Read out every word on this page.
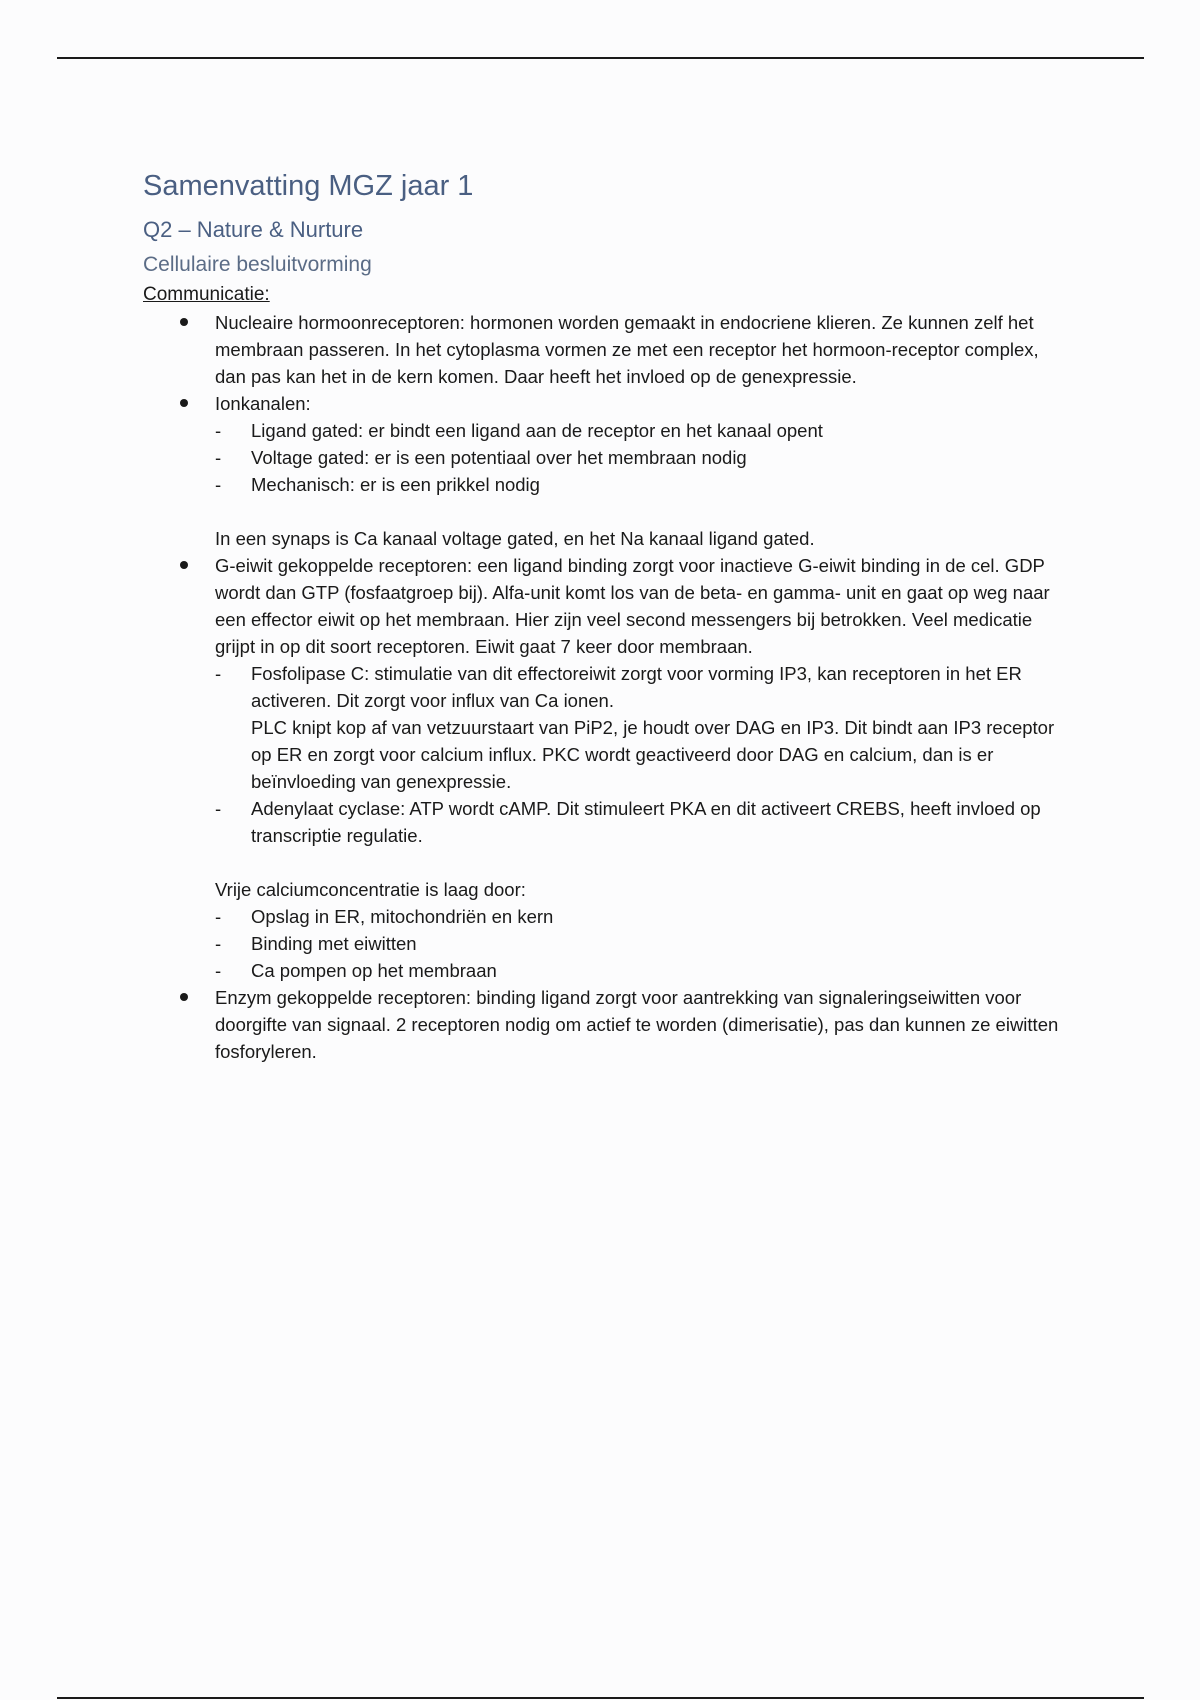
Samenvatting MGZ jaar 1
Q2 – Nature & Nurture
Cellulaire besluitvorming
Communicatie:

Nucleaire hormoonreceptoren: hormonen worden gemaakt in endocriene klieren. Ze kunnen zelf het membraan passeren. In het cytoplasma vormen ze met een receptor het hormoon-receptor complex, dan pas kan het in de kern komen. Daar heeft het invloed op de genexpressie.

Ionkanalen:

- Ligand gated: er bindt een ligand aan de receptor en het kanaal opent
- Voltage gated: er is een potentiaal over het membraan nodig
- Mechanisch: er is een prikkel nodig

In een synaps is Ca kanaal voltage gated, en het Na kanaal ligand gated.

G-eiwit gekoppelde receptoren: een ligand binding zorgt voor inactieve G-eiwit binding in de cel. GDP wordt dan GTP (fosfaatgroep bij). Alfa-unit komt los van de beta- en gamma- unit en gaat op weg naar een effector eiwit op het membraan. Hier zijn veel second messengers bij betrokken. Veel medicatie grijpt in op dit soort receptoren. Eiwit gaat 7 keer door membraan.

- Fosfolipase C: stimulatie van dit effectoreiwit zorgt voor vorming IP3, kan receptoren in het ER activeren. Dit zorgt voor influx van Ca ionen.

PLC knipt kop af van vetzuurstaart van PiP2, je houdt over DAG en IP3. Dit bindt aan IP3 receptor op ER en zorgt voor calcium influx. PKC wordt geactiveerd door DAG en calcium, dan is er beïnvloeding van genexpressie.

- Adenylaat cyclase: ATP wordt cAMP. Dit stimuleert PKA en dit activeert CREBS, heeft invloed op transcriptie regulatie.

Vrije calciumconcentratie is laag door:

- Opslag in ER, mitochondriën en kern
- Binding met eiwitten
- Ca pompen op het membraan

Enzym gekoppelde receptoren: binding ligand zorgt voor aantrekking van signaleringseiwitten voor doorgifte van signaal. 2 receptoren nodig om actief te worden (dimerisatie), pas dan kunnen ze eiwitten fosforyleren.
